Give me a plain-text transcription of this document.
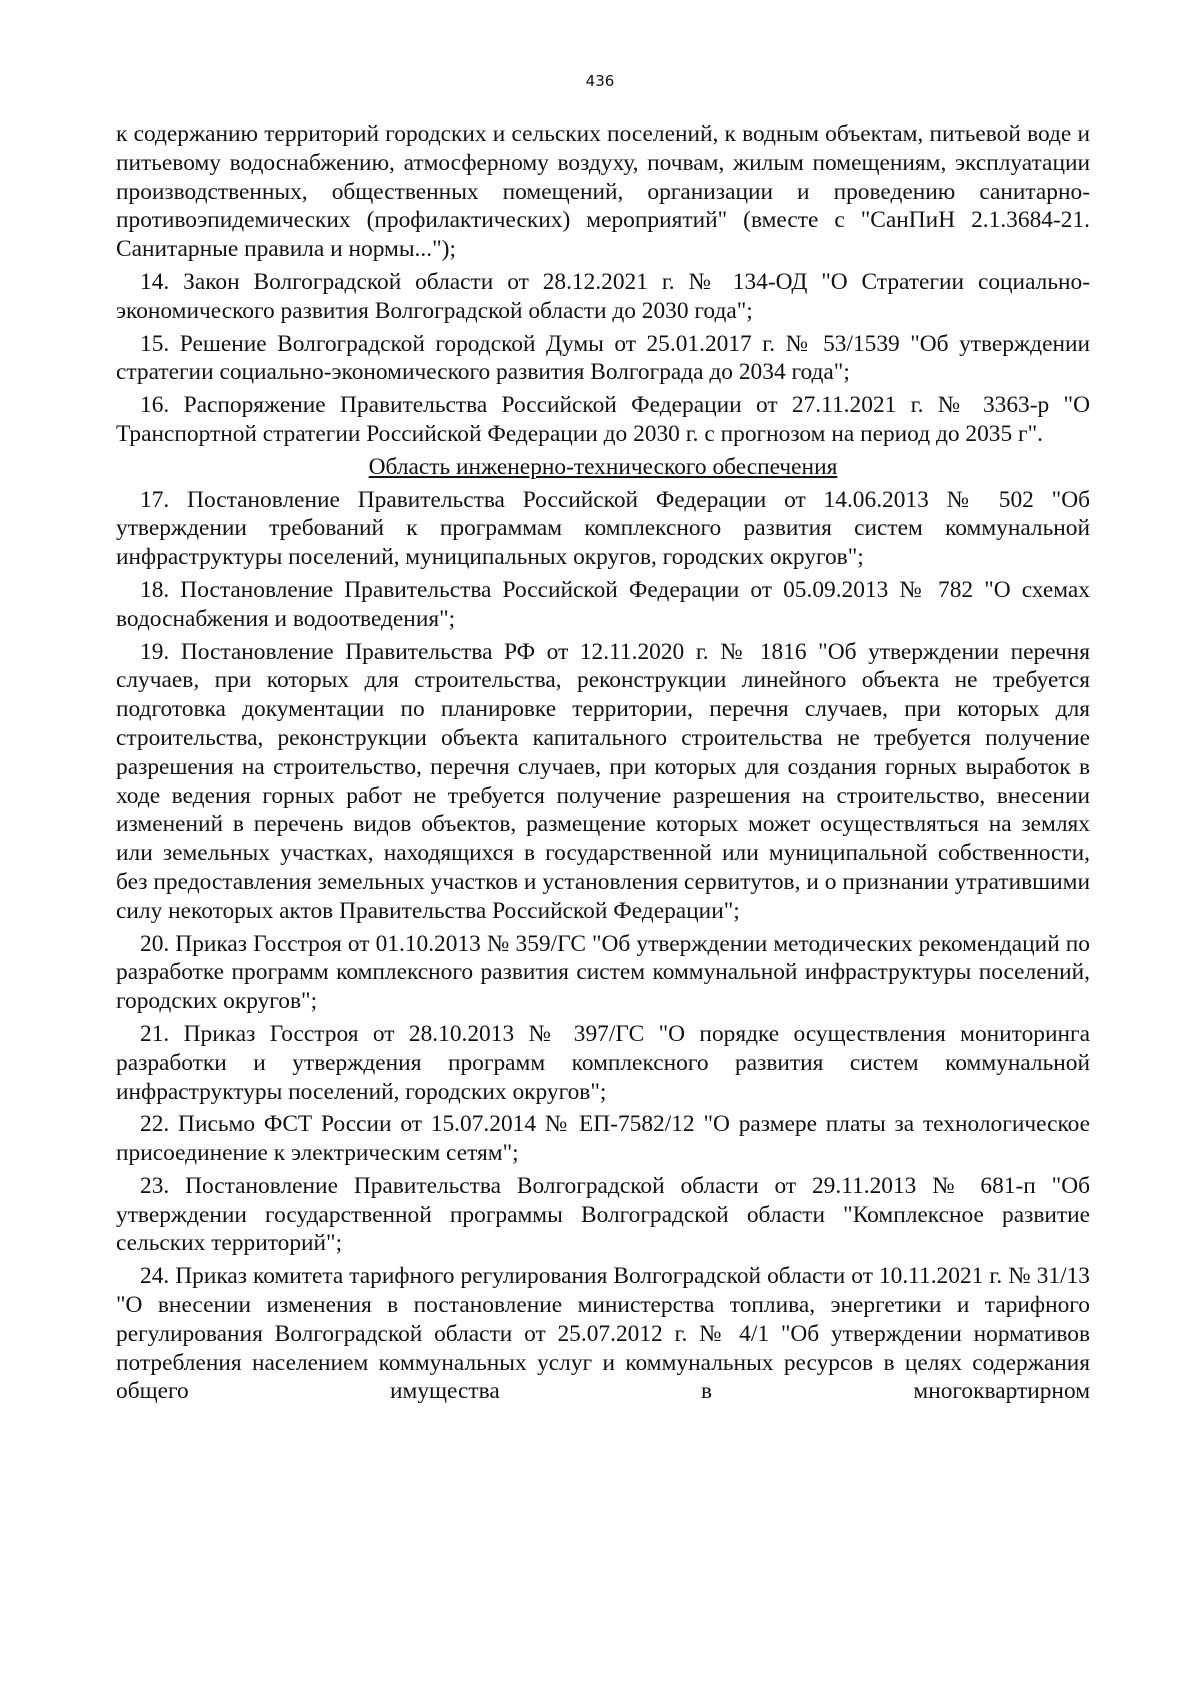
436

к содержанию территорий городских и сельских поселений, к водным объектам, питьевой воде и питьевому водоснабжению, атмосферному воздуху, почвам, жилым помещениям, эксплуатации производственных, общественных помещений, организации и проведению санитарно-противоэпидемических (профилактических) мероприятий" (вместе с "СанПиН 2.1.3684-21. Санитарные правила и нормы...");

14. Закон Волгоградской области от 28.12.2021 г. № 134-ОД "О Стратегии социально-экономического развития Волгоградской области до 2030 года";

15. Решение Волгоградской городской Думы от 25.01.2017 г. № 53/1539 "Об утверждении стратегии социально-экономического развития Волгограда до 2034 года";

16. Распоряжение Правительства Российской Федерации от 27.11.2021 г. № 3363-р "О Транспортной стратегии Российской Федерации до 2030 г. с прогнозом на период до 2035 г".

Область инженерно-технического обеспечения

17. Постановление Правительства Российской Федерации от 14.06.2013 № 502 "Об утверждении требований к программам комплексного развития систем коммунальной инфраструктуры поселений, муниципальных округов, городских округов";

18. Постановление Правительства Российской Федерации от 05.09.2013 № 782 "О схемах водоснабжения и водоотведения";

19. Постановление Правительства РФ от 12.11.2020 г. № 1816 "Об утверждении перечня случаев, при которых для строительства, реконструкции линейного объекта не требуется подготовка документации по планировке территории, перечня случаев, при которых для строительства, реконструкции объекта капитального строительства не требуется получение разрешения на строительство, перечня случаев, при которых для создания горных выработок в ходе ведения горных работ не требуется получение разрешения на строительство, внесении изменений в перечень видов объектов, размещение которых может осуществляться на землях или земельных участках, находящихся в государственной или муниципальной собственности, без предоставления земельных участков и установления сервитутов, и о признании утратившими силу некоторых актов Правительства Российской Федерации";

20. Приказ Госстроя от 01.10.2013 № 359/ГС "Об утверждении методических рекомендаций по разработке программ комплексного развития систем коммунальной инфраструктуры поселений, городских округов";

21. Приказ Госстроя от 28.10.2013 № 397/ГС "О порядке осуществления мониторинга разработки и утверждения программ комплексного развития систем коммунальной инфраструктуры поселений, городских округов";

22. Письмо ФСТ России от 15.07.2014 № ЕП-7582/12 "О размере платы за технологическое присоединение к электрическим сетям";

23. Постановление Правительства Волгоградской области от 29.11.2013 № 681-п "Об утверждении государственной программы Волгоградской области "Комплексное развитие сельских территорий";

24. Приказ комитета тарифного регулирования Волгоградской области от 10.11.2021 г. № 31/13 "О внесении изменения в постановление министерства топлива, энергетики и тарифного регулирования Волгоградской области от 25.07.2012 г. № 4/1 "Об утверждении нормативов потребления населением коммунальных услуг и коммунальных ресурсов в целях содержания общего имущества в многоквартирном
